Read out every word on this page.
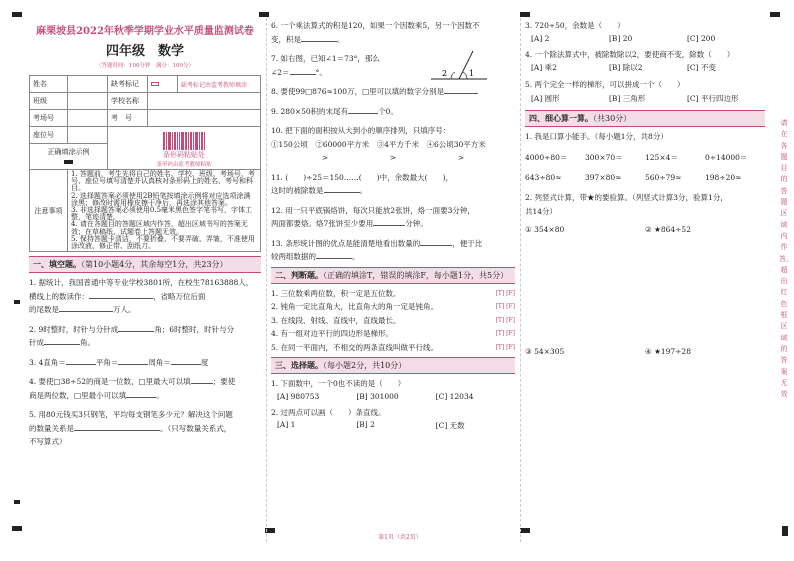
麻栗坡县2022年秋季学期学业水平质量监测试卷
四年级　数学
（答题时间：100分钟　满分：100分）
姓名		缺考标记		缺考标记由监考教师填涂
班级		学校名称		
考场号		考　号		
座位号		条形码粘贴处
条形码由监考教师粘贴		

正确填涂示例				

注意事项	1. 答题前，考生先将自己的姓名、学校、班级、考场号、考号、座位号填写清楚并认真核对条形码上的姓名、考号和科目。
2. 选择题答案必须使用2B铅笔按填涂示例将对应选项涂满涂黑；修改时需用橡皮擦干净后，再选涂其他答案。
3. 非选择题答案必须使用0.5毫米黑色签字笔书写，字体工整，笔迹清楚。
4. 请在各题目的答题区域内作答，超出区域书写的答案无效；在草稿纸、试题卷上答题无效。
5. 保持答题卡清洁，不要折叠、不要弄破、弄皱，不准使用涂改液、修正带、刮纸刀。			
一、填空题。（第10小题4分，其余每空1分，共23分）
1. 据统计，我国普通中等专业学校3801所，在校生78163888人，
横线上的数读作：	，省略万位后面
的尾数是	万人。
2. 9时整时，时针与分针成	角；6时整时，时针与分
针成	角。
3. 4直角＝	平角＝	周角＝	度
4. 要使□38÷52的商是一位数，□里最大可以填	；要使
商是两位数，□里最小可以填	。
5. 用80元钱买3只钢笔，平均每支钢笔多少元？解决这个问题
的数量关系是	。（只写数量关系式，
不写算式）
6. 一个乘法算式的积是120，如果一个因数乘5，另一个因数不
变，积是	。
7. 如右图，已知∠1＝73°，那么
∠2＝	°。	2	1
8. 要使99□876≈100万，□里可以填的数字分别是
9. 280×50积的末尾有	个0。
10. 把下面的面积按从大到小的顺序排列，只填序号：
①150公顷　②60000平方米　③4平方千米　④6公顷30平方米
>	>	>
11. (　　)÷25＝150……(　　)中，余数最大(　　)，
这时的被除数是	。
12. 用一只平底锅烙饼，每次只能放2张饼，烙一面要3分钟，
两面都要烙。烙7张饼至少要用	分钟。
13. 条形统计图的优点是能清楚地看出数量的	，便于比
较两组数据的	。
二、判断题。（正确的填涂T，错误的填涂F，每小题1分，共5分）
1. 三位数乘两位数，积一定是五位数。	[T] [F]
2. 钝角一定比直角大，比直角大的角一定是钝角。	[T] [F]
3. 在线段、射线、直线中，直线最长。	[T] [F]
4. 有一组对边平行的四边形是梯形。	[T] [F]
5. 在同一平面内，不相交的两条直线叫做平行线。	[T] [F]
三、选择题。（每小题2分，共10分）
1. 下面数中，一个0也不读的是（　　）
[A] 980753	[B] 301000	[C] 12034
2. 过两点可以画（　　）条直线。
[A] 1	[B] 2	[C] 无数
3. 720÷50，余数是（　　）
[A] 2	[B] 20	[C] 200
4. 一个除法算式中，被除数除以2，要使商不变，除数（　　）
[A] 乘2	[B] 除以2	[C] 不变
5. 两个完全一样的梯形，可以拼成一个（　　）
[A] 圆形	[B] 三角形	[C] 平行四边形
四、细心算一算。（共30分）
1. 我是口算小能手。（每小题1分，共8分）
4000÷80＝	300×70＝	125×4＝	0÷14000＝
643÷80≈	397×80≈	560÷79≈	198÷20≈
2. 列竖式计算，带★的要验算。（列竖式计算3分，验算1分，
共14分）
① 354×80	② ★864÷52
③ 54×305	④ ★197÷28
请在各题目的答题区域内作答，超出红色框区域的答案无效
第1页（共2页）
